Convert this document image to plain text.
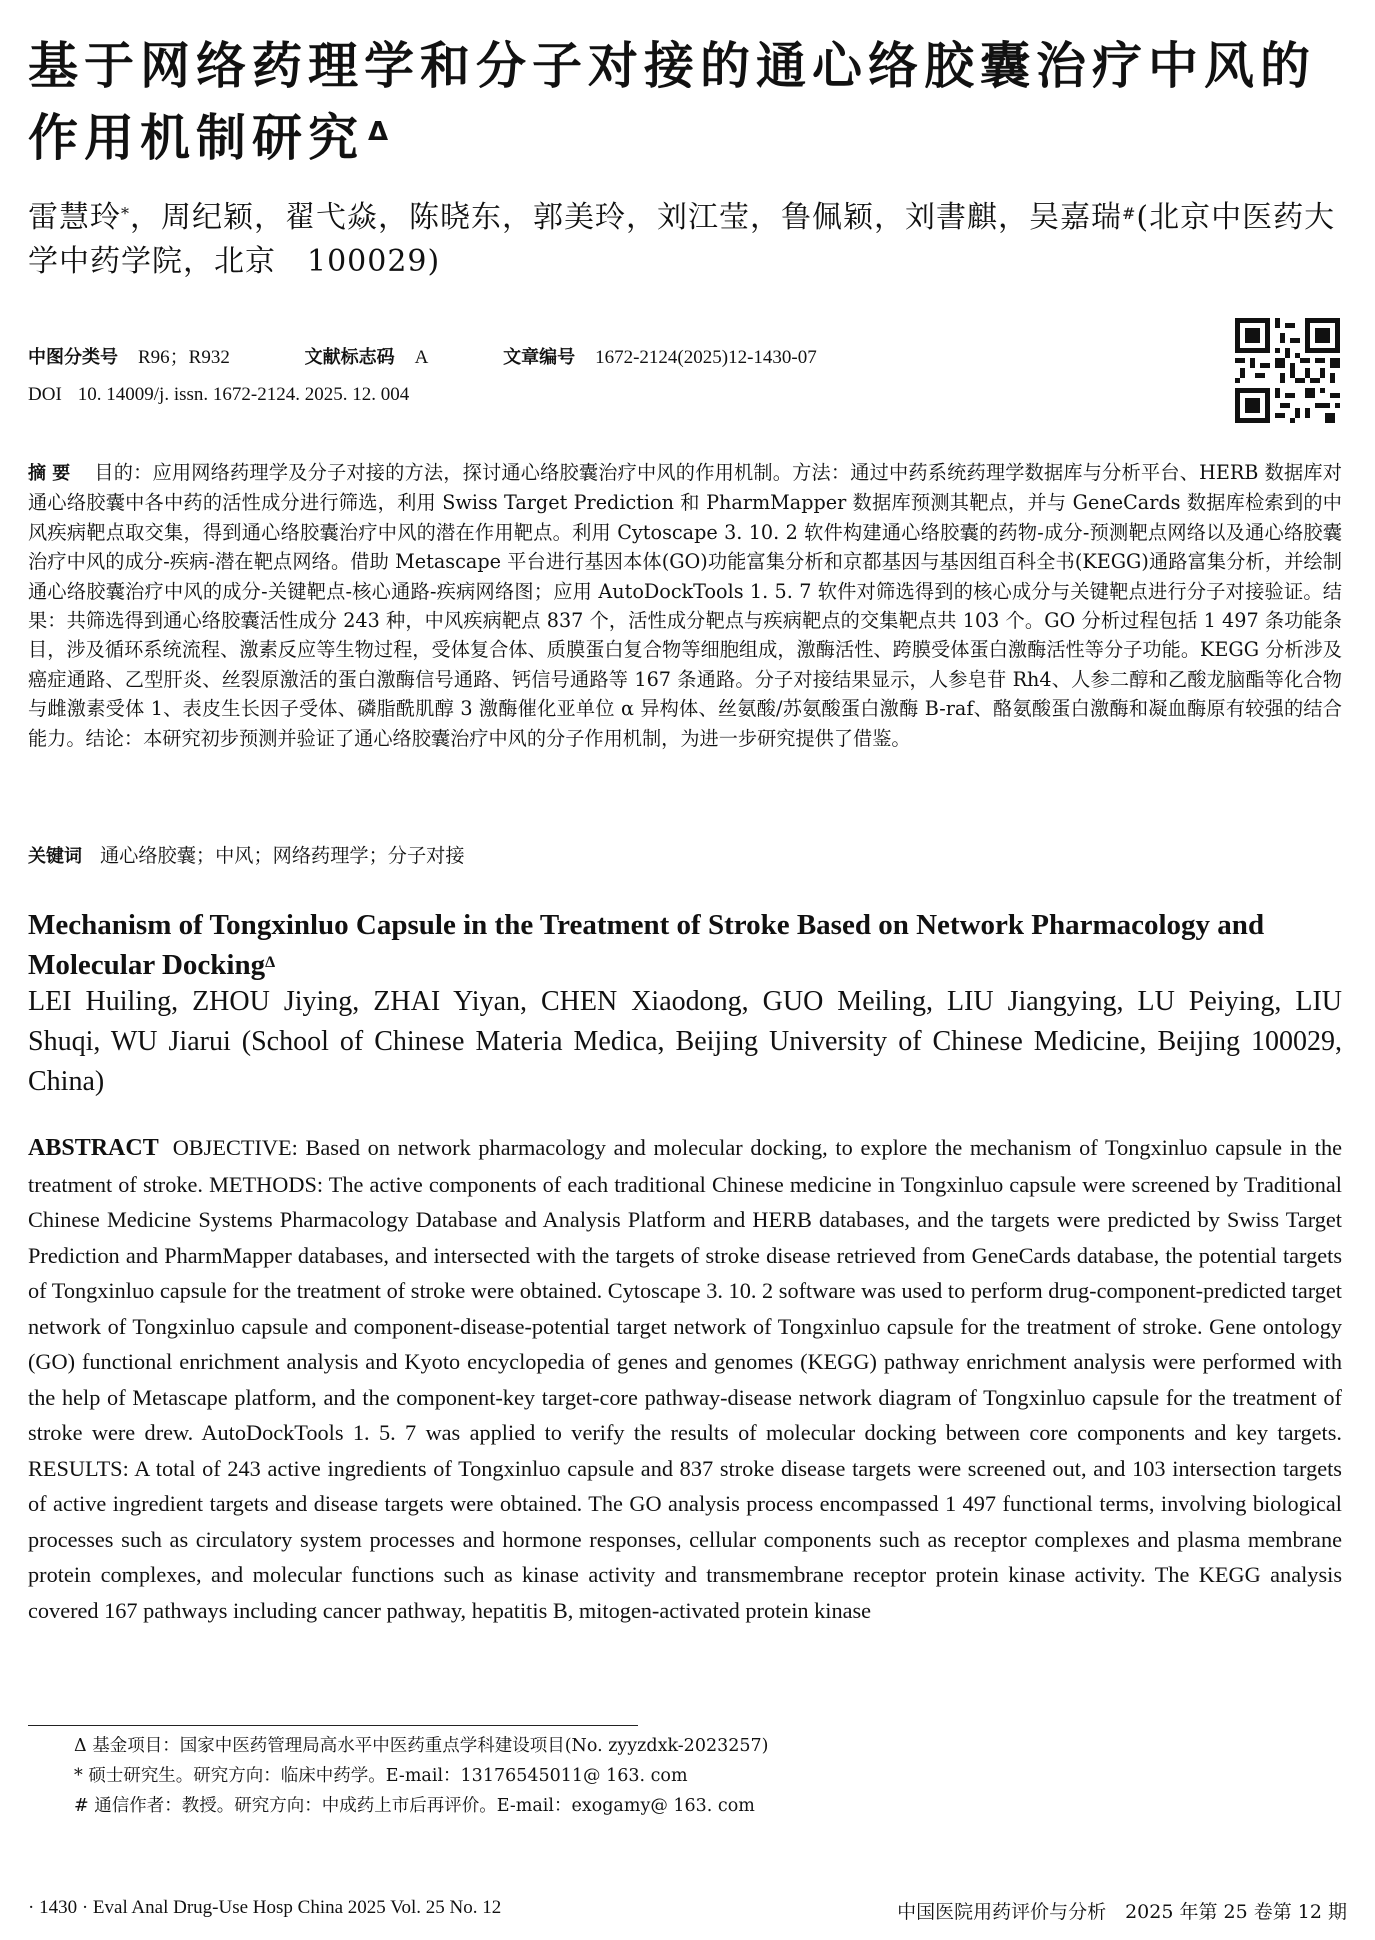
基于网络药理学和分子对接的通心络胶囊治疗中风的作用机制研究 $^\Delta$
雷慧玲*，周纪颖，翟弋焱，陈晓东，郭美玲，刘江莹，鲁佩颖，刘書麒，吴嘉瑞#(北京中医药大学中药学院，北京　100029)
中图分类号 R96；R932	文献标志码 A	文章编号 1672-2124(2025)12-1430-07
DOI 10. 14009/j. issn. 1672-2124. 2025. 12. 004
摘要 目的：应用网络药理学及分子对接的方法，探讨通心络胶囊治疗中风的作用机制。方法：通过中药系统药理学数据库与分析平台、HERB 数据库对通心络胶囊中各中药的活性成分进行筛选，利用 Swiss Target Prediction 和 PharmMapper 数据库预测其靶点，并与 GeneCards 数据库检索到的中风疾病靶点取交集，得到通心络胶囊治疗中风的潜在作用靶点。利用 Cytoscape 3. 10. 2 软件构建通心络胶囊的药物-成分-预测靶点网络以及通心络胶囊治疗中风的成分-疾病-潜在靶点网络。借助 Metascape 平台进行基因本体(GO)功能富集分析和京都基因与基因组百科全书(KEGG)通路富集分析，并绘制通心络胶囊治疗中风的成分-关键靶点-核心通路-疾病网络图；应用 AutoDockTools 1. 5. 7 软件对筛选得到的核心成分与关键靶点进行分子对接验证。结果：共筛选得到通心络胶囊活性成分 243 种，中风疾病靶点 837 个，活性成分靶点与疾病靶点的交集靶点共 103 个。GO 分析过程包括 1 497 条功能条目，涉及循环系统流程、激素反应等生物过程，受体复合体、质膜蛋白复合物等细胞组成，激酶活性、跨膜受体蛋白激酶活性等分子功能。KEGG 分析涉及癌症通路、乙型肝炎、丝裂原激活的蛋白激酶信号通路、钙信号通路等 167 条通路。分子对接结果显示，人参皂苷 Rh4、人参二醇和乙酸龙脑酯等化合物与雌激素受体 1、表皮生长因子受体、磷脂酰肌醇 3 激酶催化亚单位 α 异构体、丝氨酸/苏氨酸蛋白激酶 B-raf、酪氨酸蛋白激酶和凝血酶原有较强的结合能力。结论：本研究初步预测并验证了通心络胶囊治疗中风的分子作用机制，为进一步研究提供了借鉴。
关键词 通心络胶囊；中风；网络药理学；分子对接
Mechanism of Tongxinluo Capsule in the Treatment of Stroke Based on Network Pharmacology and Molecular Docking$^\Delta$
LEI Huiling, ZHOU Jiying, ZHAI Yiyan, CHEN Xiaodong, GUO Meiling, LIU Jiangying, LU Peiying, LIU Shuqi, WU Jiarui (School of Chinese Materia Medica, Beijing University of Chinese Medicine, Beijing 100029, China)
ABSTRACT OBJECTIVE: Based on network pharmacology and molecular docking, to explore the mechanism of Tongxinluo capsule in the treatment of stroke. METHODS: The active components of each traditional Chinese medicine in Tongxinluo capsule were screened by Traditional Chinese Medicine Systems Pharmacology Database and Analysis Platform and HERB databases, and the targets were predicted by Swiss Target Prediction and PharmMapper databases, and intersected with the targets of stroke disease retrieved from GeneCards database, the potential targets of Tongxinluo capsule for the treatment of stroke were obtained. Cytoscape 3. 10. 2 software was used to perform drug-component-predicted target network of Tongxinluo capsule and component-disease-potential target network of Tongxinluo capsule for the treatment of stroke. Gene ontology (GO) functional enrichment analysis and Kyoto encyclopedia of genes and genomes (KEGG) pathway enrichment analysis were performed with the help of Metascape platform, and the component-key target-core pathway-disease network diagram of Tongxinluo capsule for the treatment of stroke were drew. AutoDockTools 1. 5. 7 was applied to verify the results of molecular docking between core components and key targets. RESULTS: A total of 243 active ingredients of Tongxinluo capsule and 837 stroke disease targets were screened out, and 103 intersection targets of active ingredient targets and disease targets were obtained. The GO analysis process encompassed 1 497 functional terms, involving biological processes such as circulatory system processes and hormone responses, cellular components such as receptor complexes and plasma membrane protein complexes, and molecular functions such as kinase activity and transmembrane receptor protein kinase activity. The KEGG analysis covered 167 pathways including cancer pathway, hepatitis B, mitogen-activated protein kinase
Δ 基金项目：国家中医药管理局高水平中医药重点学科建设项目(No. zyyzdxk-2023257)
* 硕士研究生。研究方向：临床中药学。E-mail：13176545011@ 163. com
# 通信作者：教授。研究方向：中成药上市后再评价。E-mail：exogamy@ 163. com
· 1430 · Eval Anal Drug-Use Hosp China 2025 Vol. 25 No. 12	中国医院用药评价与分析　2025 年第 25 卷第 12 期
